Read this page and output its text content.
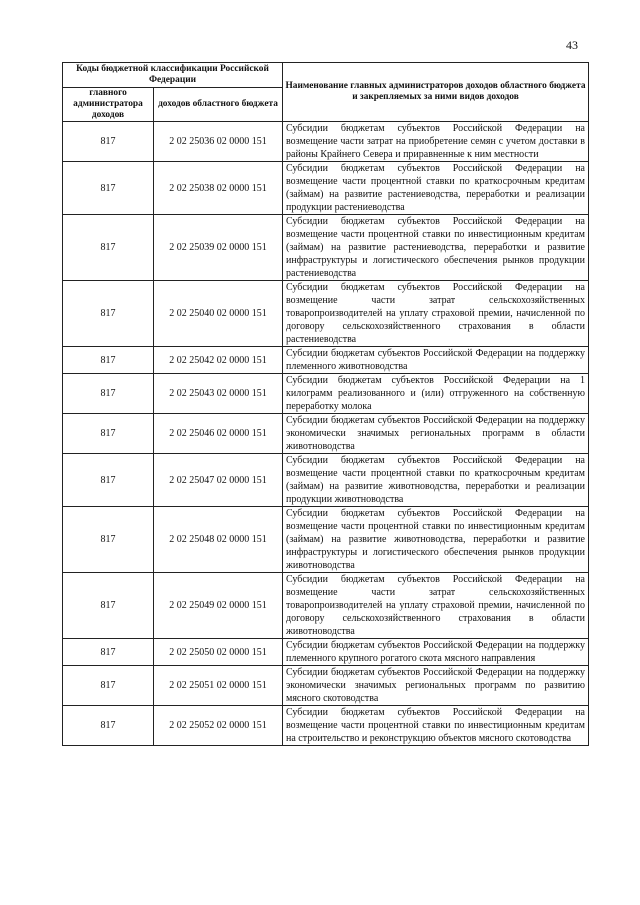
43
Коды бюджетной классификации Российской Федерации		Наименование главных администраторов доходов областного бюджета и закрепляемых за ними видов доходов
главного администратора доходов	доходов областного бюджета	
817	2 02 25036 02 0000 151	Субсидии бюджетам субъектов Российской Федерации на возмещение части затрат на приобретение семян с учетом доставки в районы Крайнего Севера и приравненные к ним местности
817	2 02 25038 02 0000 151	Субсидии бюджетам субъектов Российской Федерации на возмещение части процентной ставки по краткосрочным кредитам (займам) на развитие растениеводства, переработки и реализации продукции растениеводства
817	2 02 25039 02 0000 151	Субсидии бюджетам субъектов Российской Федерации на возмещение части процентной ставки по инвестиционным кредитам (займам) на развитие растениеводства, переработки и развитие инфраструктуры и логистического обеспечения рынков продукции растениеводства
817	2 02 25040 02 0000 151	Субсидии бюджетам субъектов Российской Федерации на возмещение части затрат сельскохозяйственных товаропроизводителей на уплату страховой премии, начисленной по договору сельскохозяйственного страхования в области растениеводства
817	2 02 25042 02 0000 151	Субсидии бюджетам субъектов Российской Федерации на поддержку племенного животноводства
817	2 02 25043 02 0000 151	Субсидии бюджетам субъектов Российской Федерации на 1 килограмм реализованного и (или) отгруженного на собственную переработку молока
817	2 02 25046 02 0000 151	Субсидии бюджетам субъектов Российской Федерации на поддержку экономически значимых региональных программ в области животноводства
817	2 02 25047 02 0000 151	Субсидии бюджетам субъектов Российской Федерации на возмещение части процентной ставки по краткосрочным кредитам (займам) на развитие животноводства, переработки и реализации продукции животноводства
817	2 02 25048 02 0000 151	Субсидии бюджетам субъектов Российской Федерации на возмещение части процентной ставки по инвестиционным кредитам (займам) на развитие животноводства, переработки и развитие инфраструктуры и логистического обеспечения рынков продукции животноводства
817	2 02 25049 02 0000 151	Субсидии бюджетам субъектов Российской Федерации на возмещение части затрат сельскохозяйственных товаропроизводителей на уплату страховой премии, начисленной по договору сельскохозяйственного страхования в области животноводства
817	2 02 25050 02 0000 151	Субсидии бюджетам субъектов Российской Федерации на поддержку племенного крупного рогатого скота мясного направления
817	2 02 25051 02 0000 151	Субсидии бюджетам субъектов Российской Федерации на поддержку экономически значимых региональных программ по развитию мясного скотоводства
817	2 02 25052 02 0000 151	Субсидии бюджетам субъектов Российской Федерации на возмещение части процентной ставки по инвестиционным кредитам на строительство и реконструкцию объектов мясного скотоводства
